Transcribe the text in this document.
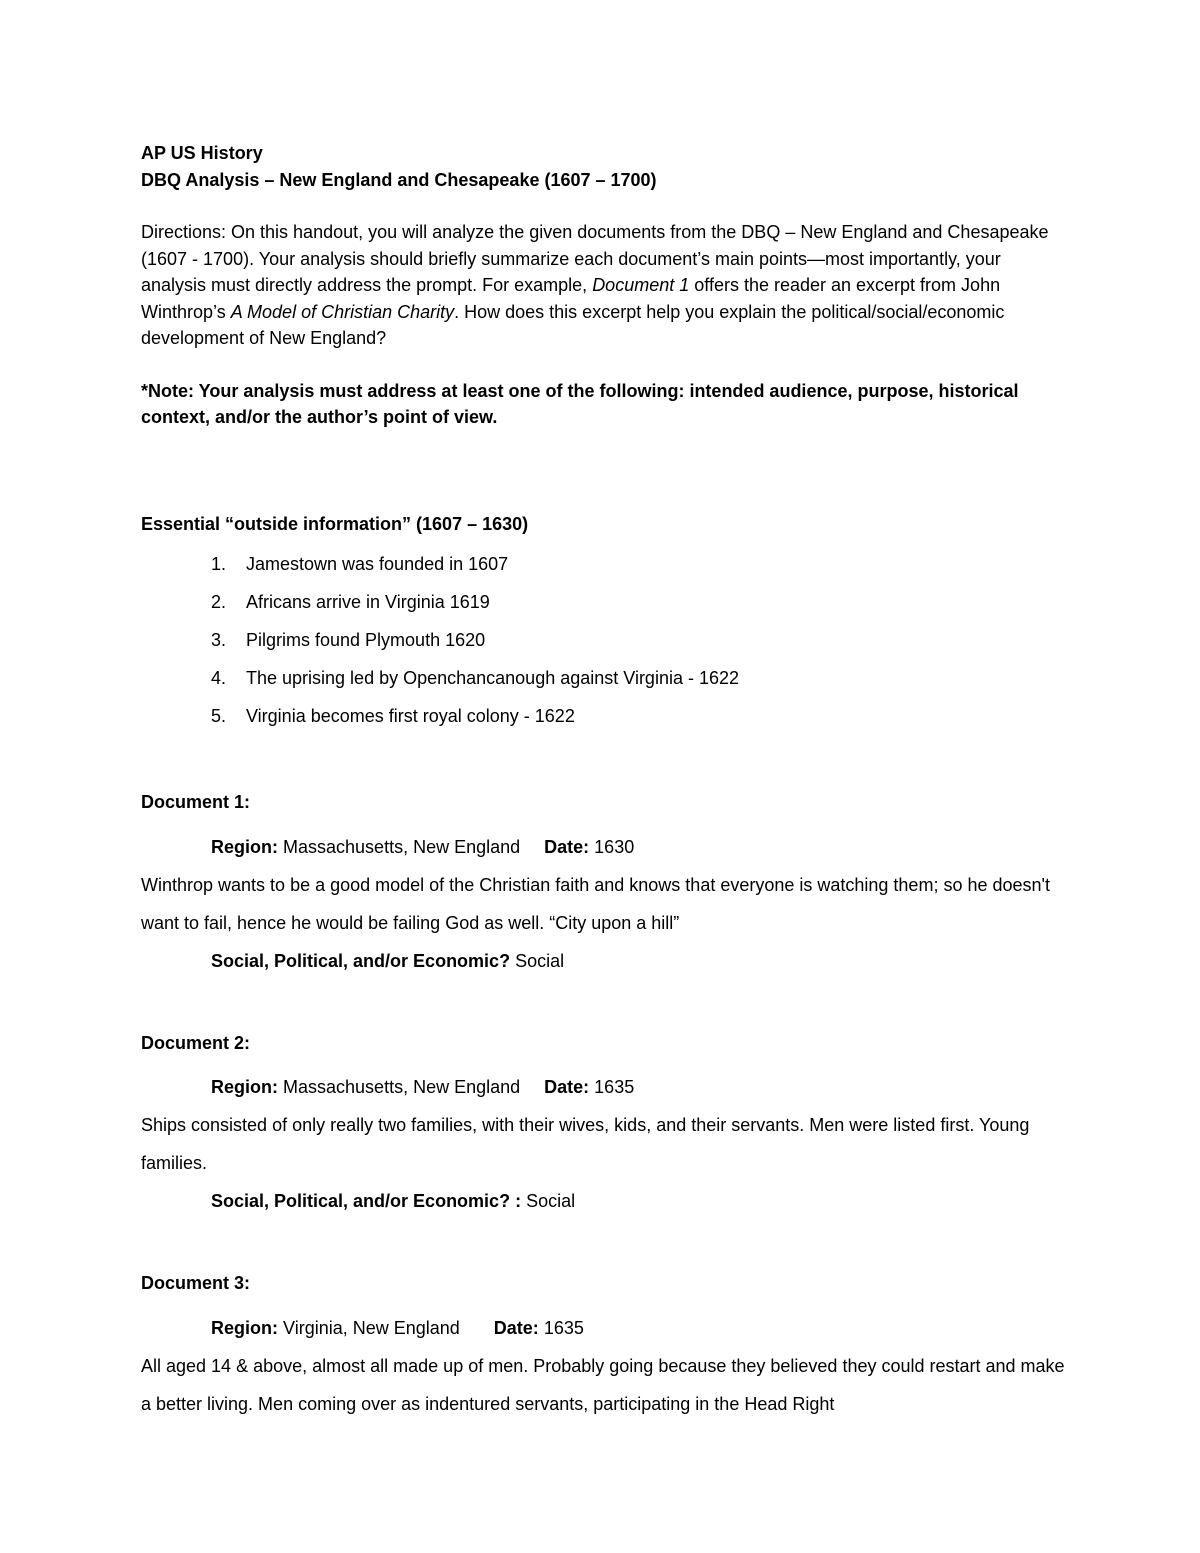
AP US History
DBQ Analysis – New England and Chesapeake (1607 – 1700)
Directions: On this handout, you will analyze the given documents from the DBQ – New England and Chesapeake (1607 - 1700). Your analysis should briefly summarize each document’s main points—most importantly, your analysis must directly address the prompt. For example, Document 1 offers the reader an excerpt from John Winthrop’s A Model of Christian Charity. How does this excerpt help you explain the political/social/economic development of New England?
*Note: Your analysis must address at least one of the following: intended audience, purpose, historical context, and/or the author’s point of view.
Essential “outside information” (1607 – 1630)
1.	Jamestown was founded in 1607
2.	Africans arrive in Virginia 1619
3.	Pilgrims found Plymouth 1620
4.	The uprising led by Openchancanough against Virginia - 1622
5.	Virginia becomes first royal colony - 1622
Document 1:
Region: Massachusetts, New England Date: 1630
Winthrop wants to be a good model of the Christian faith and knows that everyone is watching them; so he doesn't want to fail, hence he would be failing God as well. “City upon a hill”
Social, Political, and/or Economic? Social
Document 2:
Region: Massachusetts, New England Date: 1635
Ships consisted of only really two families, with their wives, kids, and their servants. Men were listed first. Young families.
Social, Political, and/or Economic? : Social
Document 3:
Region: Virginia, New England Date: 1635
All aged 14 & above, almost all made up of men. Probably going because they believed they could restart and make a better living. Men coming over as indentured servants, participating in the Head Right
